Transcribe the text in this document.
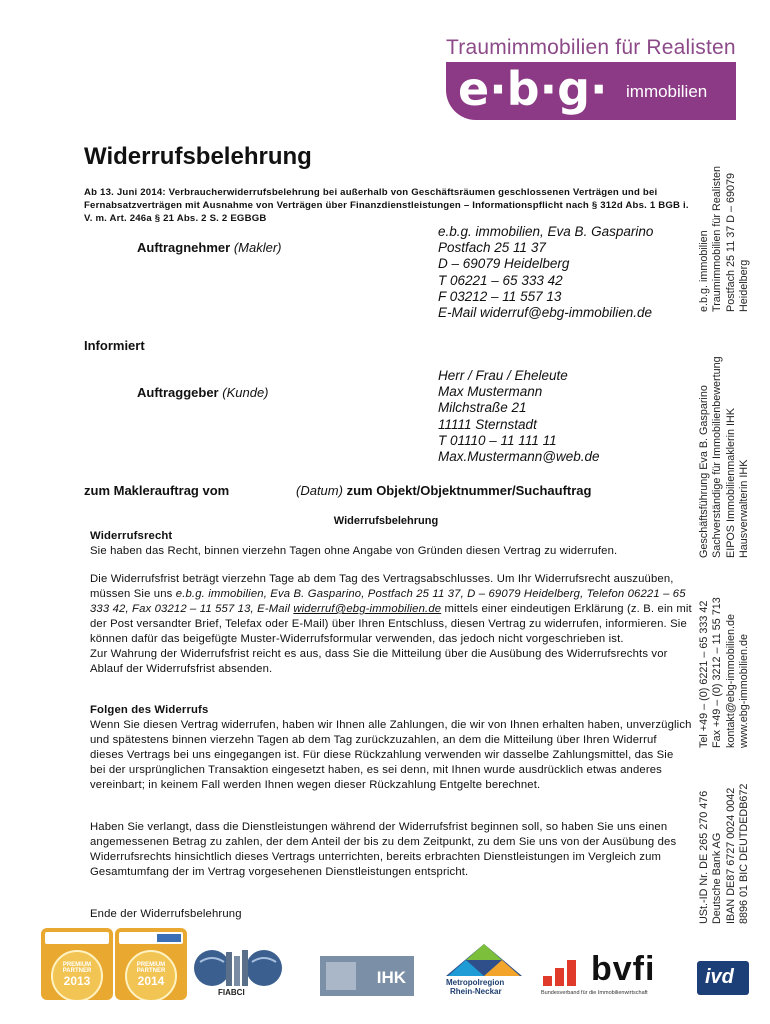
Traumimmobilien für Realisten
e·b·g· immobilien
Widerrufsbelehrung
Ab 13. Juni 2014: Verbraucherwiderrufsbelehrung bei außerhalb von Geschäftsräumen geschlossenen Verträgen und bei Fernabsatzverträgen mit Ausnahme von Verträgen über Finanzdienstleistungen – Informationspflicht nach § 312d Abs. 1 BGB i. V. m. Art. 246a § 21 Abs. 2 S. 2 EGBGB
Auftragnehmer (Makler)
e.b.g. immobilien, Eva B. Gasparino
Postfach 25 11 37
D – 69079 Heidelberg
T 06221 – 65 333 42
F 03212 – 11 557 13
E-Mail widerruf@ebg-immobilien.de
Informiert
Auftraggeber (Kunde)
Herr / Frau / Eheleute
Max Mustermann
Milchstraße 21
11111 Sternstadt
T 01110 – 11 111 11
Max.Mustermann@web.de
zum Maklerauftrag vom	(Datum) zum Objekt/Objektnummer/Suchauftrag
Widerrufsbelehrung
Widerrufsrecht
Sie haben das Recht, binnen vierzehn Tagen ohne Angabe von Gründen diesen Vertrag zu widerrufen.
Die Widerrufsfrist beträgt vierzehn Tage ab dem Tag des Vertragsabschlusses. Um Ihr Widerrufsrecht auszuüben, müssen Sie uns e.b.g. immobilien, Eva B. Gasparino, Postfach 25 11 37, D – 69079 Heidelberg, Telefon 06221 – 65 333 42, Fax 03212 – 11 557 13, E-Mail widerruf@ebg-immobilien.de mittels einer eindeutigen Erklärung (z. B. ein mit der Post versandter Brief, Telefax oder E-Mail) über Ihren Entschluss, diesen Vertrag zu widerrufen, informieren. Sie können dafür das beigefügte Muster-Widerrufsformular verwenden, das jedoch nicht vorgeschrieben ist.
Zur Wahrung der Widerrufsfrist reicht es aus, dass Sie die Mitteilung über die Ausübung des Widerrufsrechts vor Ablauf der Widerrufsfrist absenden.
Folgen des Widerrufs
Wenn Sie diesen Vertrag widerrufen, haben wir Ihnen alle Zahlungen, die wir von Ihnen erhalten haben, unverzüglich und spätestens binnen vierzehn Tagen ab dem Tag zurückzuzahlen, an dem die Mitteilung über Ihren Widerruf dieses Vertrags bei uns eingegangen ist. Für diese Rückzahlung verwenden wir dasselbe Zahlungsmittel, das Sie bei der ursprünglichen Transaktion eingesetzt haben, es sei denn, mit Ihnen wurde ausdrücklich etwas anderes vereinbart; in keinem Fall werden Ihnen wegen dieser Rückzahlung Entgelte berechnet.
Haben Sie verlangt, dass die Dienstleistungen während der Widerrufsfrist beginnen soll, so haben Sie uns einen angemessenen Betrag zu zahlen, der dem Anteil der bis zu dem Zeitpunkt, zu dem Sie uns von der Ausübung des Widerrufsrechts hinsichtlich dieses Vertrags unterrichten, bereits erbrachten Dienstleistungen im Vergleich zum Gesamtumfang der im Vertrag vorgesehenen Dienstleistungen entspricht.
Ende der Widerrufsbelehrung
e.b.g. immobilien Traumimmobilien für Realisten Postfach 25 11 37 D – 69079 Heidelberg
Geschäftsführung Eva B. Gasparino Sachverständige für Immobilienbewertung EIPOS Immobilienmaklerin IHK Hausverwalterin IHK
Tel +49 – (0) 6221 – 65 333 42 Fax +49 – (0) 3212 – 11 55 713 kontakt@ebg-immobilien.de www.ebg-immobilien.de
USt.-ID Nr. DE 265 270 476 Deutsche Bank AG IBAN DE87 6727 0024 0042 8896 01 BIC DEUTDEDB672
PREMIUM
PARTNER
2013
PREMIUM
PARTNER
2014
FIABCI
IHK	Metropolregion
Rhein-Neckar
bvfi
Bundesverband für die Immobilienwirtschaft
ivd
